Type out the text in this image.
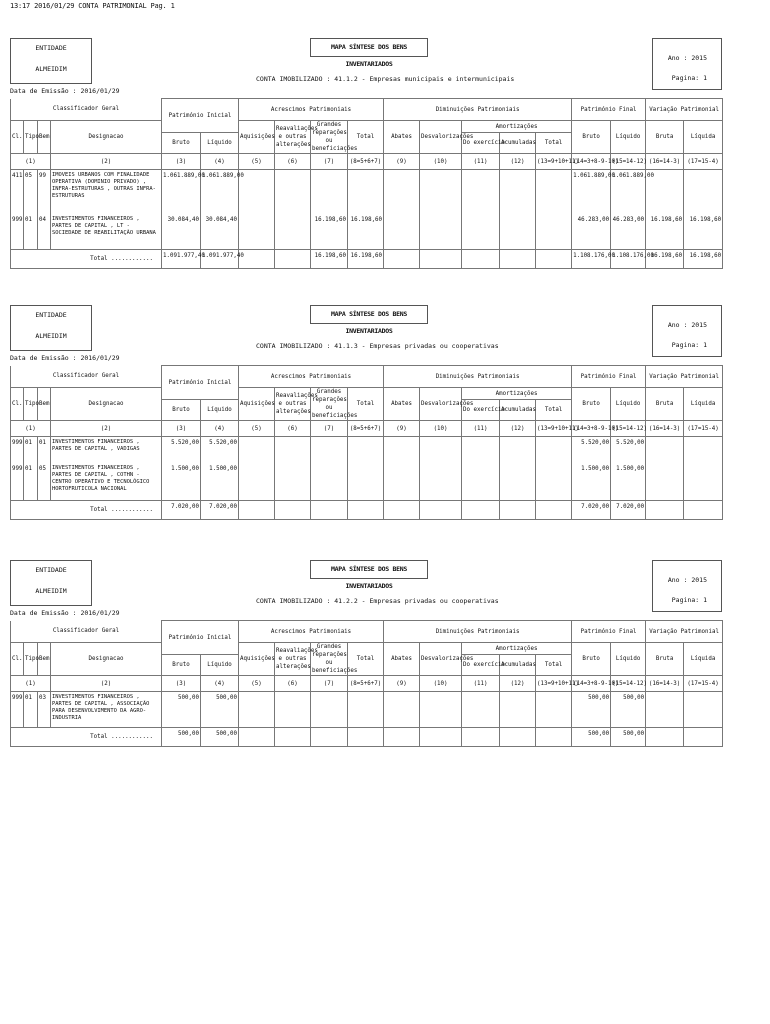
13:17 2016/01/29 CONTA PATRIMONIAL Pag. 1
ENTIDADE
ALMEIDIM
MAPA SÍNTESE DOS BENS INVENTARIADOS
Ano : 2015
Pagina: 1
CONTA IMOBILIZADO : 41.1.2 - Empresas municipais e intermunicipais
Data de Emissão : 2016/01/29
Classificador Geral				Património Inicial		Acrescimos Patrimoniais				Diminuições Patrimoniais					Património Final		Variação Patrimonial	
Cl.	Tipo	Bem	Designacao			Aquisições	Reavaliações e outras alterações	Grandes reparações ou beneficiações	Total	Abates	Desvalorizações	Amortizações			Bruto	Líquido	Bruta	Líquida
				Bruto	Líquido							Do exercício	Acumuladas	Total				
(1)			(2)	(3)	(4)	(5)	(6)	(7)	(8=5+6+7)	(9)	(10)	(11)	(12)	(13=9+10+11)	(14=3+8-9-10)	(15=14-12)	(16=14-3)	(17=15-4)
411	05	99	IMOVEIS URBANOS COM FINALIDADE OPERATIVA (DOMINIO PRIVADO) , INFRA-ESTRUTURAS , OUTRAS INFRA-ESTRUTURAS	1.061.889,00	1.061.889,00										1.061.889,00	1.061.889,00		
999	01	04	INVESTIMENTOS FINANCEIROS , PARTES DE CAPITAL , LT - SOCIEDADE DE REABILITAÇÃO URBANA	30.084,40	30.084,40			16.198,60	16.198,60						46.283,00	46.283,00	16.198,60	16.198,60
Total ............				1.091.977,40	1.091.977,40			16.198,60	16.198,60						1.108.176,00	1.108.176,00	16.198,60	16.198,60
ENTIDADE
ALMEIDIM
MAPA SÍNTESE DOS BENS INVENTARIADOS
Ano : 2015
Pagina: 1
CONTA IMOBILIZADO : 41.1.3 - Empresas privadas ou cooperativas
Data de Emissão : 2016/01/29
Classificador Geral				Património Inicial		Acrescimos Patrimoniais				Diminuições Patrimoniais					Património Final		Variação Patrimonial	
Cl.	Tipo	Bem	Designacao			Aquisições	Reavaliações e outras alterações	Grandes reparações ou beneficiações	Total	Abates	Desvalorizações	Amortizações			Bruto	Líquido	Bruta	Líquida
				Bruto	Líquido							Do exercício	Acumuladas	Total				
(1)			(2)	(3)	(4)	(5)	(6)	(7)	(8=5+6+7)	(9)	(10)	(11)	(12)	(13=9+10+11)	(14=3+8-9-10)	(15=14-12)	(16=14-3)	(17=15-4)
999	01	01	INVESTIMENTOS FINANCEIROS , PARTES DE CAPITAL , VADIGAS	5.520,00	5.520,00										5.520,00	5.520,00		
999	01	05	INVESTIMENTOS FINANCEIROS , PARTES DE CAPITAL , COTHN - CENTRO OPERATIVO E TECNOLÓGICO HORTOFRUTICOLA NACIONAL	1.500,00	1.500,00										1.500,00	1.500,00		
Total ............				7.020,00	7.020,00										7.020,00	7.020,00		
ENTIDADE
ALMEIDIM
MAPA SÍNTESE DOS BENS INVENTARIADOS
Ano : 2015
Pagina: 1
CONTA IMOBILIZADO : 41.2.2 - Empresas privadas ou cooperativas
Data de Emissão : 2016/01/29
Classificador Geral				Património Inicial		Acrescimos Patrimoniais				Diminuições Patrimoniais					Património Final		Variação Patrimonial	
Cl.	Tipo	Bem	Designacao			Aquisições	Reavaliações e outras alterações	Grandes reparações ou beneficiações	Total	Abates	Desvalorizações	Amortizações			Bruto	Líquido	Bruta	Líquida
				Bruto	Líquido							Do exercício	Acumuladas	Total				
(1)			(2)	(3)	(4)	(5)	(6)	(7)	(8=5+6+7)	(9)	(10)	(11)	(12)	(13=9+10+11)	(14=3+8-9-10)	(15=14-12)	(16=14-3)	(17=15-4)
999	01	03	INVESTIMENTOS FINANCEIROS , PARTES DE CAPITAL , ASSOCIAÇÃO PARA DESENVOLVIMENTO DA AGRO-INDUSTRIA	500,00	500,00										500,00	500,00		
Total ............				500,00	500,00										500,00	500,00		
